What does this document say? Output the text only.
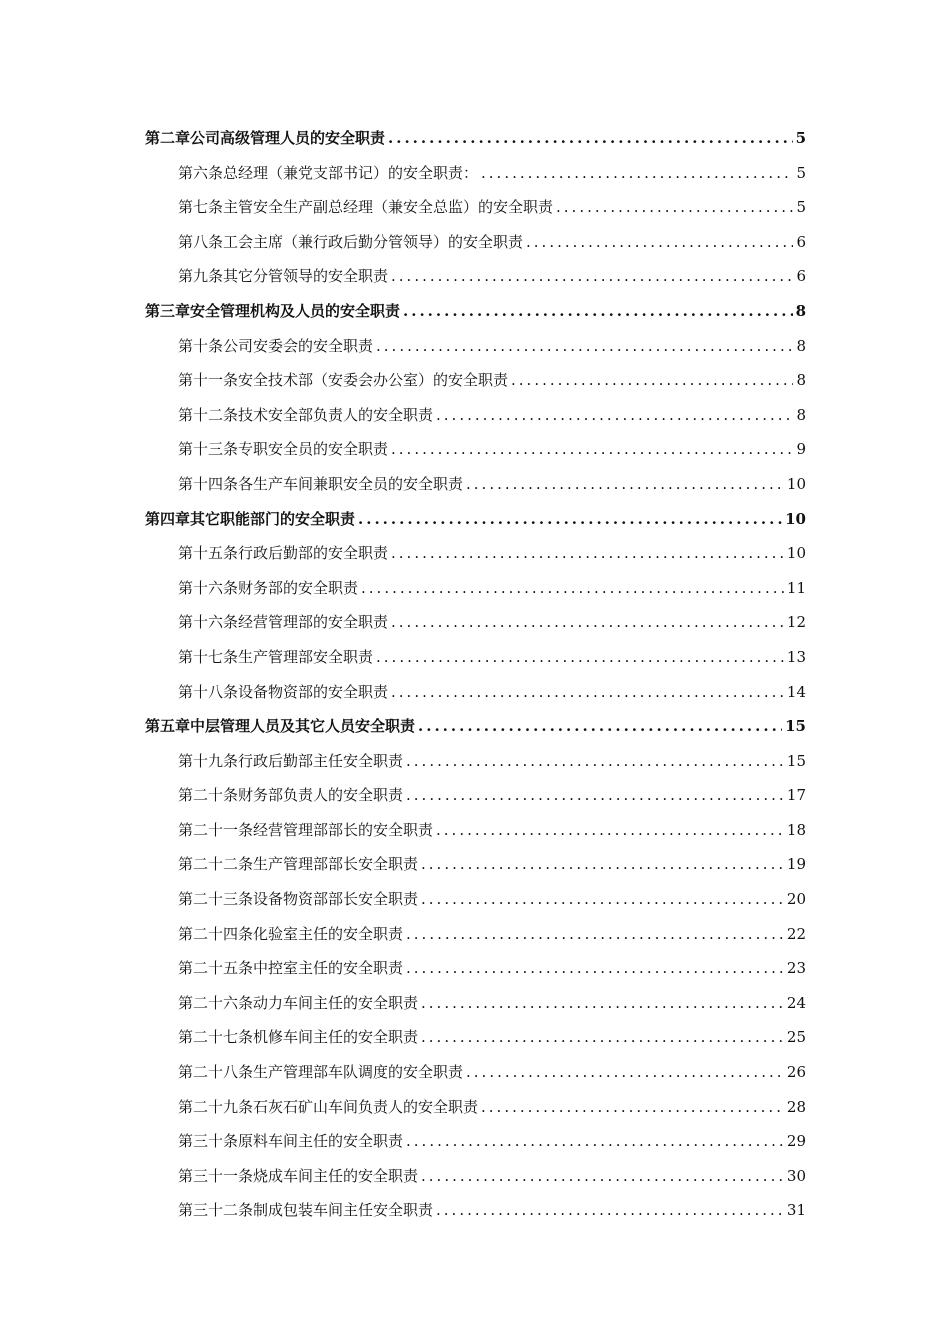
第二章公司高级管理人员的安全职责 .....	5
第六条总经理（兼党支部书记）的安全职责： .....	5
第七条主管安全生产副总经理（兼安全总监）的安全职责 .....	5
第八条工会主席（兼行政后勤分管领导）的安全职责 .....	6
第九条其它分管领导的安全职责 .....	6
第三章安全管理机构及人员的安全职责 .....	8
第十条公司安委会的安全职责 .....	8
第十一条安全技术部（安委会办公室）的安全职责 .....	8
第十二条技术安全部负责人的安全职责 .....	8
第十三条专职安全员的安全职责 .....	9
第十四条各生产车间兼职安全员的安全职责 .....	10
第四章其它职能部门的安全职责 .....	10
第十五条行政后勤部的安全职责 .....	10
第十六条财务部的安全职责 .....	11
第十六条经营管理部的安全职责 .....	12
第十七条生产管理部安全职责 .....	13
第十八条设备物资部的安全职责 .....	14
第五章中层管理人员及其它人员安全职责 .....	15
第十九条行政后勤部主任安全职责 .....	15
第二十条财务部负责人的安全职责 .....	17
第二十一条经营管理部部长的安全职责 .....	18
第二十二条生产管理部部长安全职责 .....	19
第二十三条设备物资部部长安全职责 .....	20
第二十四条化验室主任的安全职责 .....	22
第二十五条中控室主任的安全职责 .....	23
第二十六条动力车间主任的安全职责 .....	24
第二十七条机修车间主任的安全职责 .....	25
第二十八条生产管理部车队调度的安全职责 .....	26
第二十九条石灰石矿山车间负责人的安全职责 .....	28
第三十条原料车间主任的安全职责 .....	29
第三十一条烧成车间主任的安全职责 .....	30
第三十二条制成包装车间主任安全职责 .....	31
